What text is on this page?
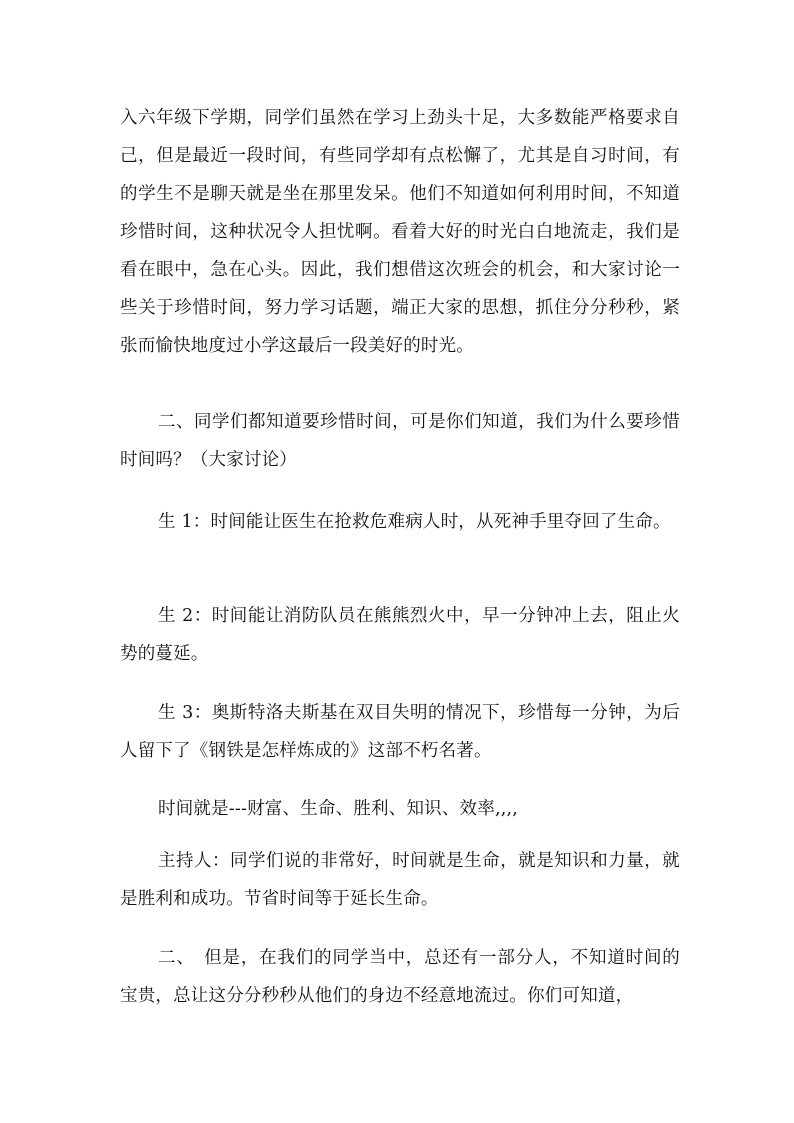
入六年级下学期，同学们虽然在学习上劲头十足，大多数能严格要求自己，但是最近一段时间，有些同学却有点松懈了，尤其是自习时间，有的学生不是聊天就是坐在那里发呆。他们不知道如何利用时间，不知道珍惜时间，这种状况令人担忧啊。看着大好的时光白白地流走，我们是看在眼中，急在心头。因此，我们想借这次班会的机会，和大家讨论一些关于珍惜时间，努力学习话题，端正大家的思想，抓住分分秒秒，紧张而愉快地度过小学这最后一段美好的时光。

二、同学们都知道要珍惜时间，可是你们知道，我们为什么要珍惜时间吗？（大家讨论）

生 1：时间能让医生在抢救危难病人时，从死神手里夺回了生命。

生 2：时间能让消防队员在熊熊烈火中，早一分钟冲上去，阻止火势的蔓延。

生 3：奥斯特洛夫斯基在双目失明的情况下，珍惜每一分钟，为后人留下了《钢铁是怎样炼成的》这部不朽名著。

时间就是---财富、生命、胜利、知识、效率,,,,

主持人：同学们说的非常好，时间就是生命，就是知识和力量，就是胜利和成功。节省时间等于延长生命。

二、　但是，在我们的同学当中，总还有一部分人，不知道时间的宝贵，总让这分分秒秒从他们的身边不经意地流过。你们可知道，
